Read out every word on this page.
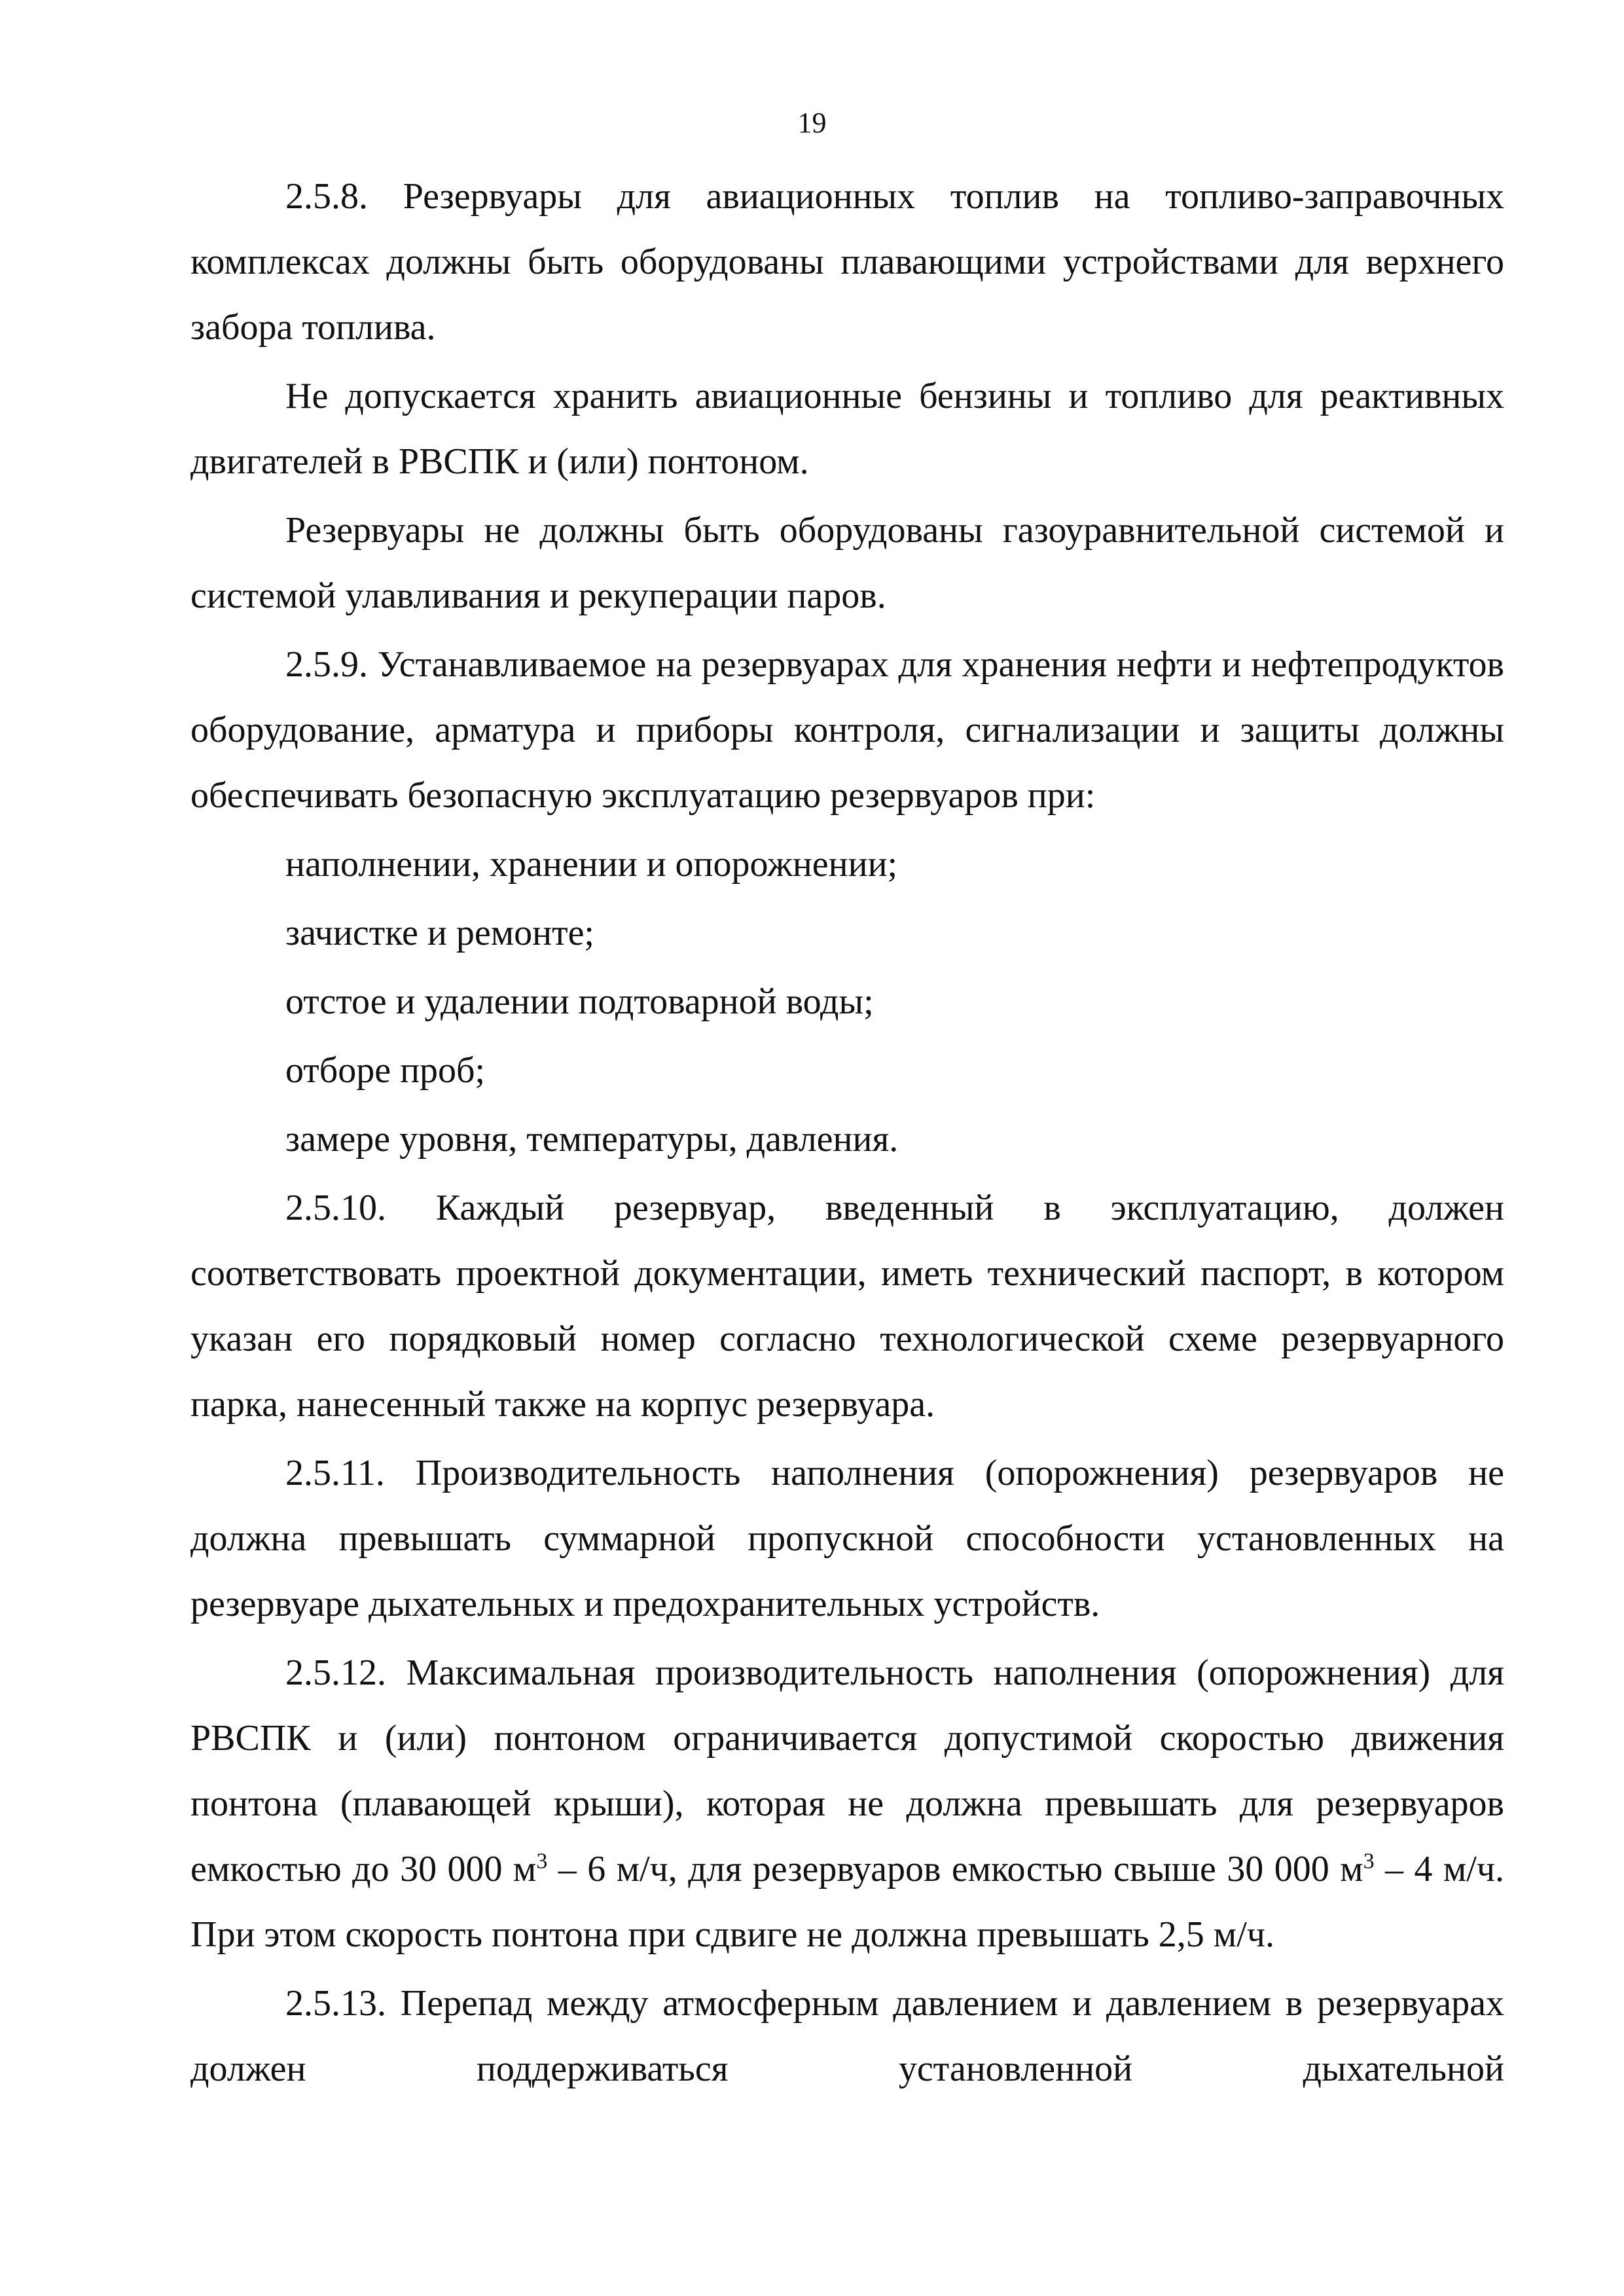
19

2.5.8. Резервуары для авиационных топлив на топливо-заправочных комплексах должны быть оборудованы плавающими устройствами для верхнего забора топлива.

Не допускается хранить авиационные бензины и топливо для реактивных двигателей в РВСПК и (или) понтоном.

Резервуары не должны быть оборудованы газоуравнительной системой и системой улавливания и рекуперации паров.

2.5.9. Устанавливаемое на резервуарах для хранения нефти и нефтепродуктов оборудование, арматура и приборы контроля, сигнализации и защиты должны обеспечивать безопасную эксплуатацию резервуаров при:

наполнении, хранении и опорожнении;

зачистке и ремонте;

отстое и удалении подтоварной воды;

отборе проб;

замере уровня, температуры, давления.

2.5.10. Каждый резервуар, введенный в эксплуатацию, должен соответствовать проектной документации, иметь технический паспорт, в котором указан его порядковый номер согласно технологической схеме резервуарного парка, нанесенный также на корпус резервуара.

2.5.11. Производительность наполнения (опорожнения) резервуаров не должна превышать суммарной пропускной способности установленных на резервуаре дыхательных и предохранительных устройств.

2.5.12. Максимальная производительность наполнения (опорожнения) для РВСПК и (или) понтоном ограничивается допустимой скоростью движения понтона (плавающей крыши), которая не должна превышать для резервуаров емкостью до 30 000 $м^3 - 6$ м/ч, для резервуаров емкостью свыше 30 000 $м^3 - 4$ м/ч. При этом скорость понтона при сдвиге не должна превышать 2,5 м/ч.

2.5.13. Перепад между атмосферным давлением и давлением в резервуарах должен поддерживаться установленной дыхательной
